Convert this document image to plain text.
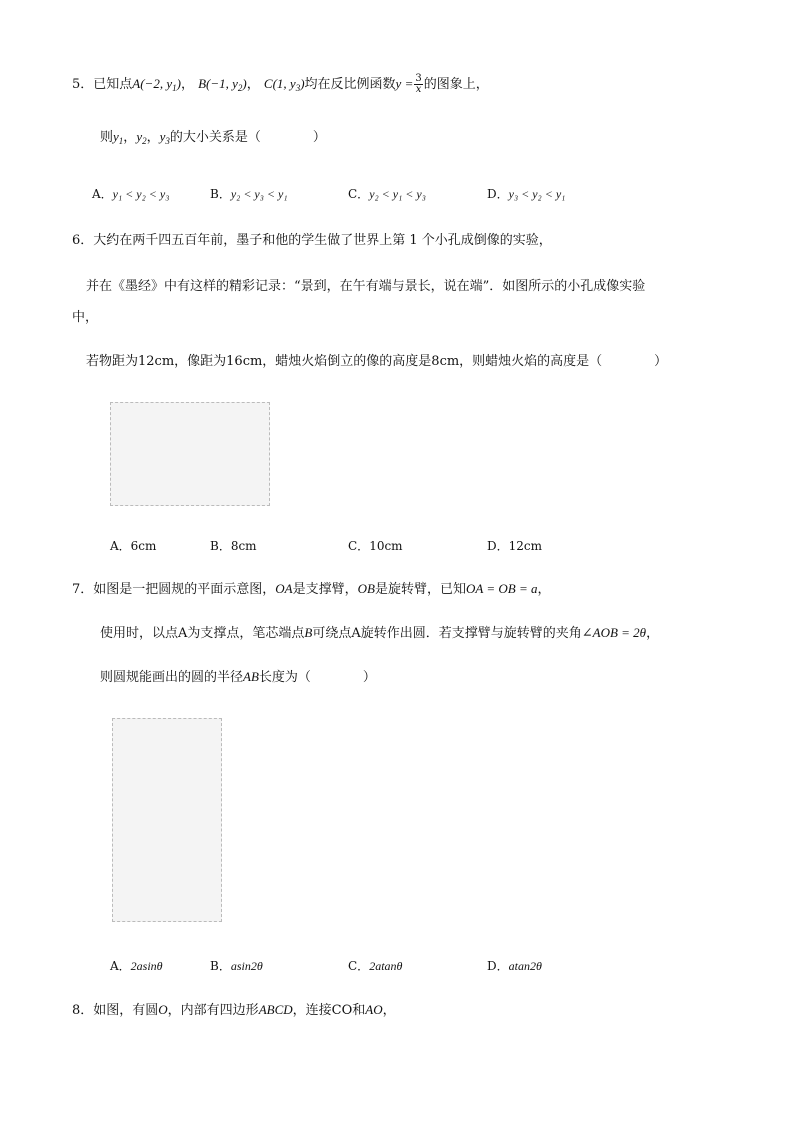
5．已知点A(−2, $y_1$)， B(−1, $y_2$)， C(1, $y_3$)均在反比例函数$y = \frac{3}{x}$ 的图象上，
则$y_1$，$y_2$，$y_3$的大小关系是（　　　　）
A．y₁ < y₂ < y₃	B．y₂ < y₃ < y₁	C．y₂ < y₁ < y₃	D．y₃ < y₂ < y₁
6．大约在两千四五百年前，墨子和他的学生做了世界上第 1 个小孔成倒像的实验，
并在《墨经》中有这样的精彩记录：“景到，在午有端与景长，说在端”．如图所示的小孔成像实验
中，
若物距为12cm，像距为16cm，蜡烛火焰倒立的像的高度是8cm，则蜡烛火焰的高度是（　　　　）
A．6cm	B．8cm	C．10cm	D．12cm
7．如图是一把圆规的平面示意图，OA是支撑臂，OB是旋转臂，已知OA = OB = a，
使用时，以点A为支撑点，笔芯端点B可绕点A旋转作出圆．若支撑臂与旋转臂的夹角∠AOB = 2θ，
则圆规能画出的圆的半径AB长度为（　　　　）
A．2asinθ	B．asin2θ	C．2atanθ	D．atan2θ
8．如图，有圆O，内部有四边形ABCD，连接CO和AO，
